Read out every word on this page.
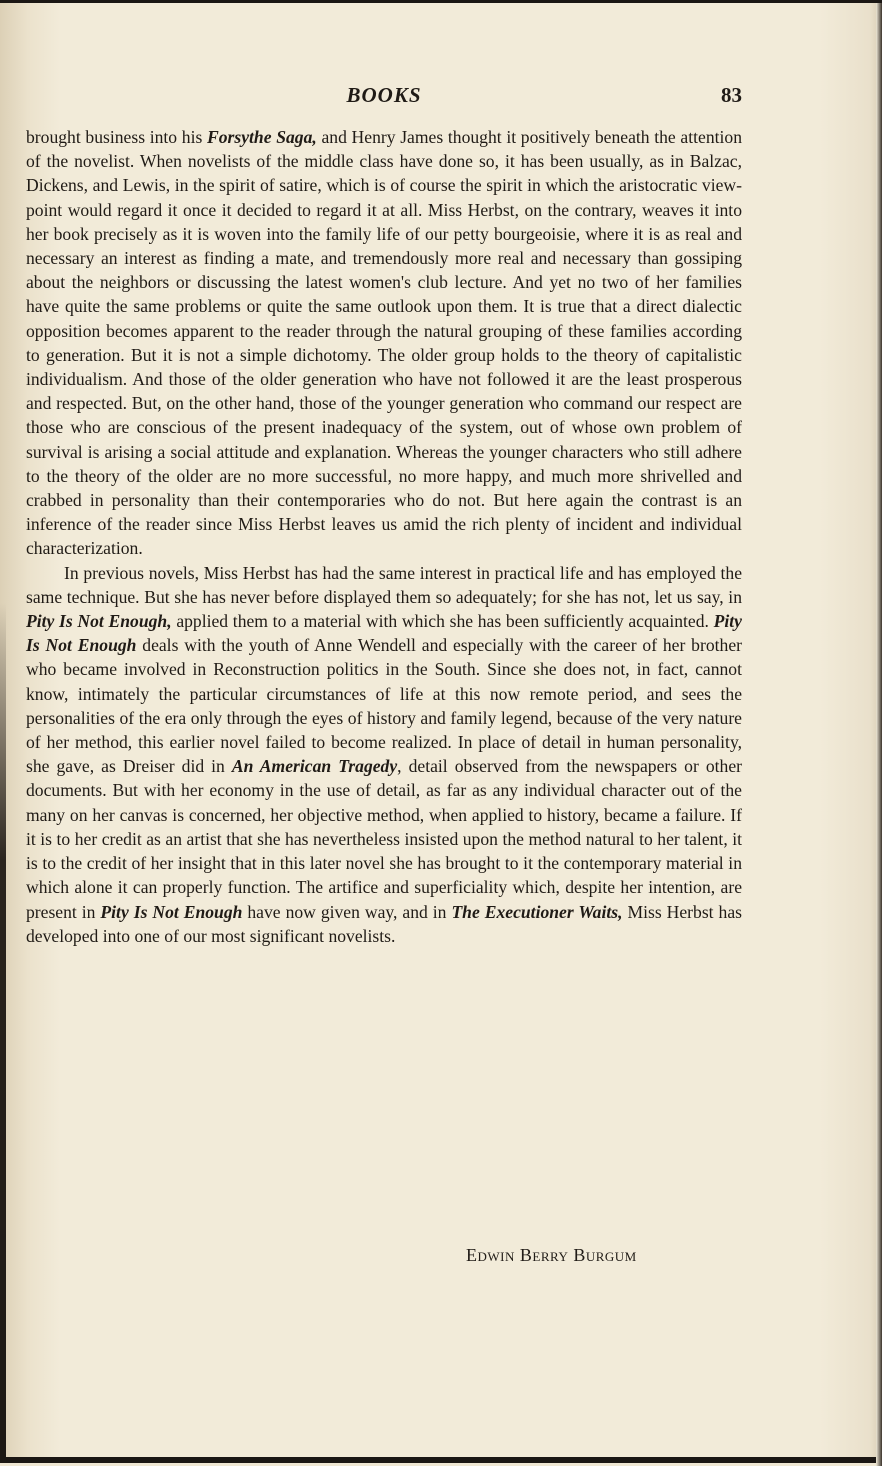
BOOKS	83

brought business into his Forsythe Saga, and Henry James thought it positively beneath the attention of the novelist. When novelists of the middle class have done so, it has been usually, as in Balzac, Dickens, and Lewis, in the spirit of satire, which is of course the spirit in which the aristocratic view-point would regard it once it decided to regard it at all. Miss Herbst, on the contrary, weaves it into her book precisely as it is woven into the family life of our petty bourgeoisie, where it is as real and necessary an interest as finding a mate, and tremendously more real and necessary than gossiping about the neighbors or discussing the latest women's club lecture. And yet no two of her families have quite the same problems or quite the same outlook upon them. It is true that a direct dialectic opposition becomes apparent to the reader through the natural grouping of these families according to generation. But it is not a simple dichotomy. The older group holds to the theory of capitalistic individualism. And those of the older generation who have not followed it are the least prosperous and respected. But, on the other hand, those of the younger generation who command our respect are those who are conscious of the present inadequacy of the system, out of whose own problem of survival is arising a social attitude and explanation. Whereas the younger characters who still adhere to the theory of the older are no more successful, no more happy, and much more shrivelled and crabbed in personality than their contemporaries who do not. But here again the contrast is an inference of the reader since Miss Herbst leaves us amid the rich plenty of incident and individual characterization.

In previous novels, Miss Herbst has had the same interest in practical life and has employed the same technique. But she has never before displayed them so adequately; for she has not, let us say, in Pity Is Not Enough, applied them to a material with which she has been sufficiently acquainted. Pity Is Not Enough deals with the youth of Anne Wendell and especially with the career of her brother who became involved in Reconstruction politics in the South. Since she does not, in fact, cannot know, intimately the particular circumstances of life at this now remote period, and sees the personalities of the era only through the eyes of history and family legend, because of the very nature of her method, this earlier novel failed to become realized. In place of detail in human personality, she gave, as Dreiser did in An American Tragedy, detail observed from the newspapers or other documents. But with her economy in the use of detail, as far as any individual character out of the many on her canvas is concerned, her objective method, when applied to history, became a failure. If it is to her credit as an artist that she has nevertheless insisted upon the method natural to her talent, it is to the credit of her insight that in this later novel she has brought to it the contemporary material in which alone it can properly function. The artifice and superficiality which, despite her intention, are present in Pity Is Not Enough have now given way, and in The Executioner Waits, Miss Herbst has developed into one of our most significant novelists.

Edwin Berry Burgum
